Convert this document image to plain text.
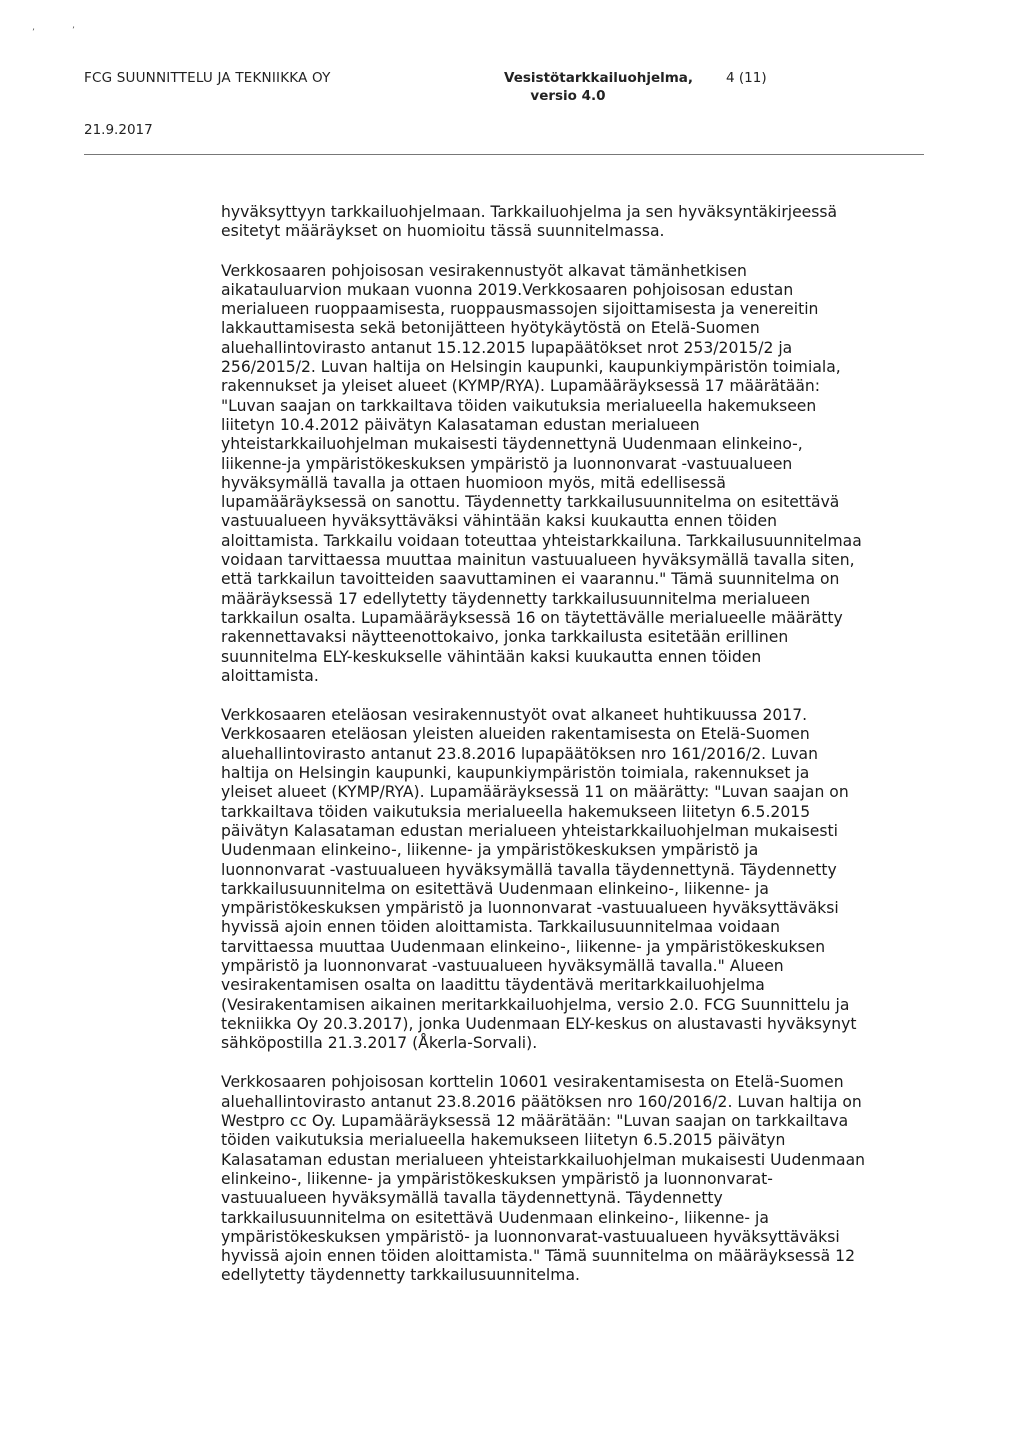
’	’
FCG SUUNNITTELU JA TEKNIIKKA OY	Vesistötarkkailuohjelma,
versio 4.0
4 (11)
21.9.2017

hyväksyttyyn tarkkailuohjelmaan. Tarkkailuohjelma ja sen hyväksyntäkirjeessä
esitetyt määräykset on huomioitu tässä suunnitelmassa.

Verkkosaaren pohjoisosan vesirakennustyöt alkavat tämänhetkisen
aikatauluarvion mukaan vuonna 2019.Verkkosaaren pohjoisosan edustan
merialueen ruoppaamisesta, ruoppausmassojen sijoittamisesta ja venereitin
lakkauttamisesta sekä betonijätteen hyötykäytöstä on Etelä-Suomen
aluehallintovirasto antanut 15.12.2015 lupapäätökset nrot 253/2015/2 ja
256/2015/2. Luvan haltija on Helsingin kaupunki, kaupunkiympäristön toimiala,
rakennukset ja yleiset alueet (KYMP/RYA). Lupamääräyksessä 17 määrätään:
"Luvan saajan on tarkkailtava töiden vaikutuksia merialueella hakemukseen
liitetyn 10.4.2012 päivätyn Kalasataman edustan merialueen
yhteistarkkailuohjelman mukaisesti täydennettynä Uudenmaan elinkeino-,
liikenne-ja ympäristökeskuksen ympäristö ja luonnonvarat -vastuualueen
hyväksymällä tavalla ja ottaen huomioon myös, mitä edellisessä
lupamääräyksessä on sanottu. Täydennetty tarkkailusuunnitelma on esitettävä
vastuualueen hyväksyttäväksi vähintään kaksi kuukautta ennen töiden
aloittamista. Tarkkailu voidaan toteuttaa yhteistarkkailuna. Tarkkailusuunnitelmaa
voidaan tarvittaessa muuttaa mainitun vastuualueen hyväksymällä tavalla siten,
että tarkkailun tavoitteiden saavuttaminen ei vaarannu." Tämä suunnitelma on
määräyksessä 17 edellytetty täydennetty tarkkailusuunnitelma merialueen
tarkkailun osalta. Lupamääräyksessä 16 on täytettävälle merialueelle määrätty
rakennettavaksi näytteenottokaivo, jonka tarkkailusta esitetään erillinen
suunnitelma ELY-keskukselle vähintään kaksi kuukautta ennen töiden
aloittamista.

Verkkosaaren eteläosan vesirakennustyöt ovat alkaneet huhtikuussa 2017.
Verkkosaaren eteläosan yleisten alueiden rakentamisesta on Etelä-Suomen
aluehallintovirasto antanut 23.8.2016 lupapäätöksen nro 161/2016/2. Luvan
haltija on Helsingin kaupunki, kaupunkiympäristön toimiala, rakennukset ja
yleiset alueet (KYMP/RYA). Lupamääräyksessä 11 on määrätty: "Luvan saajan on
tarkkailtava töiden vaikutuksia merialueella hakemukseen liitetyn 6.5.2015
päivätyn Kalasataman edustan merialueen yhteistarkkailuohjelman mukaisesti
Uudenmaan elinkeino-, liikenne- ja ympäristökeskuksen ympäristö ja
luonnonvarat -vastuualueen hyväksymällä tavalla täydennettynä. Täydennetty
tarkkailusuunnitelma on esitettävä Uudenmaan elinkeino-, liikenne- ja
ympäristökeskuksen ympäristö ja luonnonvarat -vastuualueen hyväksyttäväksi
hyvissä ajoin ennen töiden aloittamista. Tarkkailusuunnitelmaa voidaan
tarvittaessa muuttaa Uudenmaan elinkeino-, liikenne- ja ympäristökeskuksen
ympäristö ja luonnonvarat -vastuualueen hyväksymällä tavalla." Alueen
vesirakentamisen osalta on laadittu täydentävä meritarkkailuohjelma
(Vesirakentamisen aikainen meritarkkailuohjelma, versio 2.0. FCG Suunnittelu ja
tekniikka Oy 20.3.2017), jonka Uudenmaan ELY-keskus on alustavasti hyväksynyt
sähköpostilla 21.3.2017 (Åkerla-Sorvali).

Verkkosaaren pohjoisosan korttelin 10601 vesirakentamisesta on Etelä-Suomen
aluehallintovirasto antanut 23.8.2016 päätöksen nro 160/2016/2. Luvan haltija on
Westpro cc Oy. Lupamääräyksessä 12 määrätään: "Luvan saajan on tarkkailtava
töiden vaikutuksia merialueella hakemukseen liitetyn 6.5.2015 päivätyn
Kalasataman edustan merialueen yhteistarkkailuohjelman mukaisesti Uudenmaan
elinkeino-, liikenne- ja ympäristökeskuksen ympäristö ja luonnonvarat-
vastuualueen hyväksymällä tavalla täydennettynä. Täydennetty
tarkkailusuunnitelma on esitettävä Uudenmaan elinkeino-, liikenne- ja
ympäristökeskuksen ympäristö- ja luonnonvarat-vastuualueen hyväksyttäväksi
hyvissä ajoin ennen töiden aloittamista." Tämä suunnitelma on määräyksessä 12
edellytetty täydennetty tarkkailusuunnitelma.
